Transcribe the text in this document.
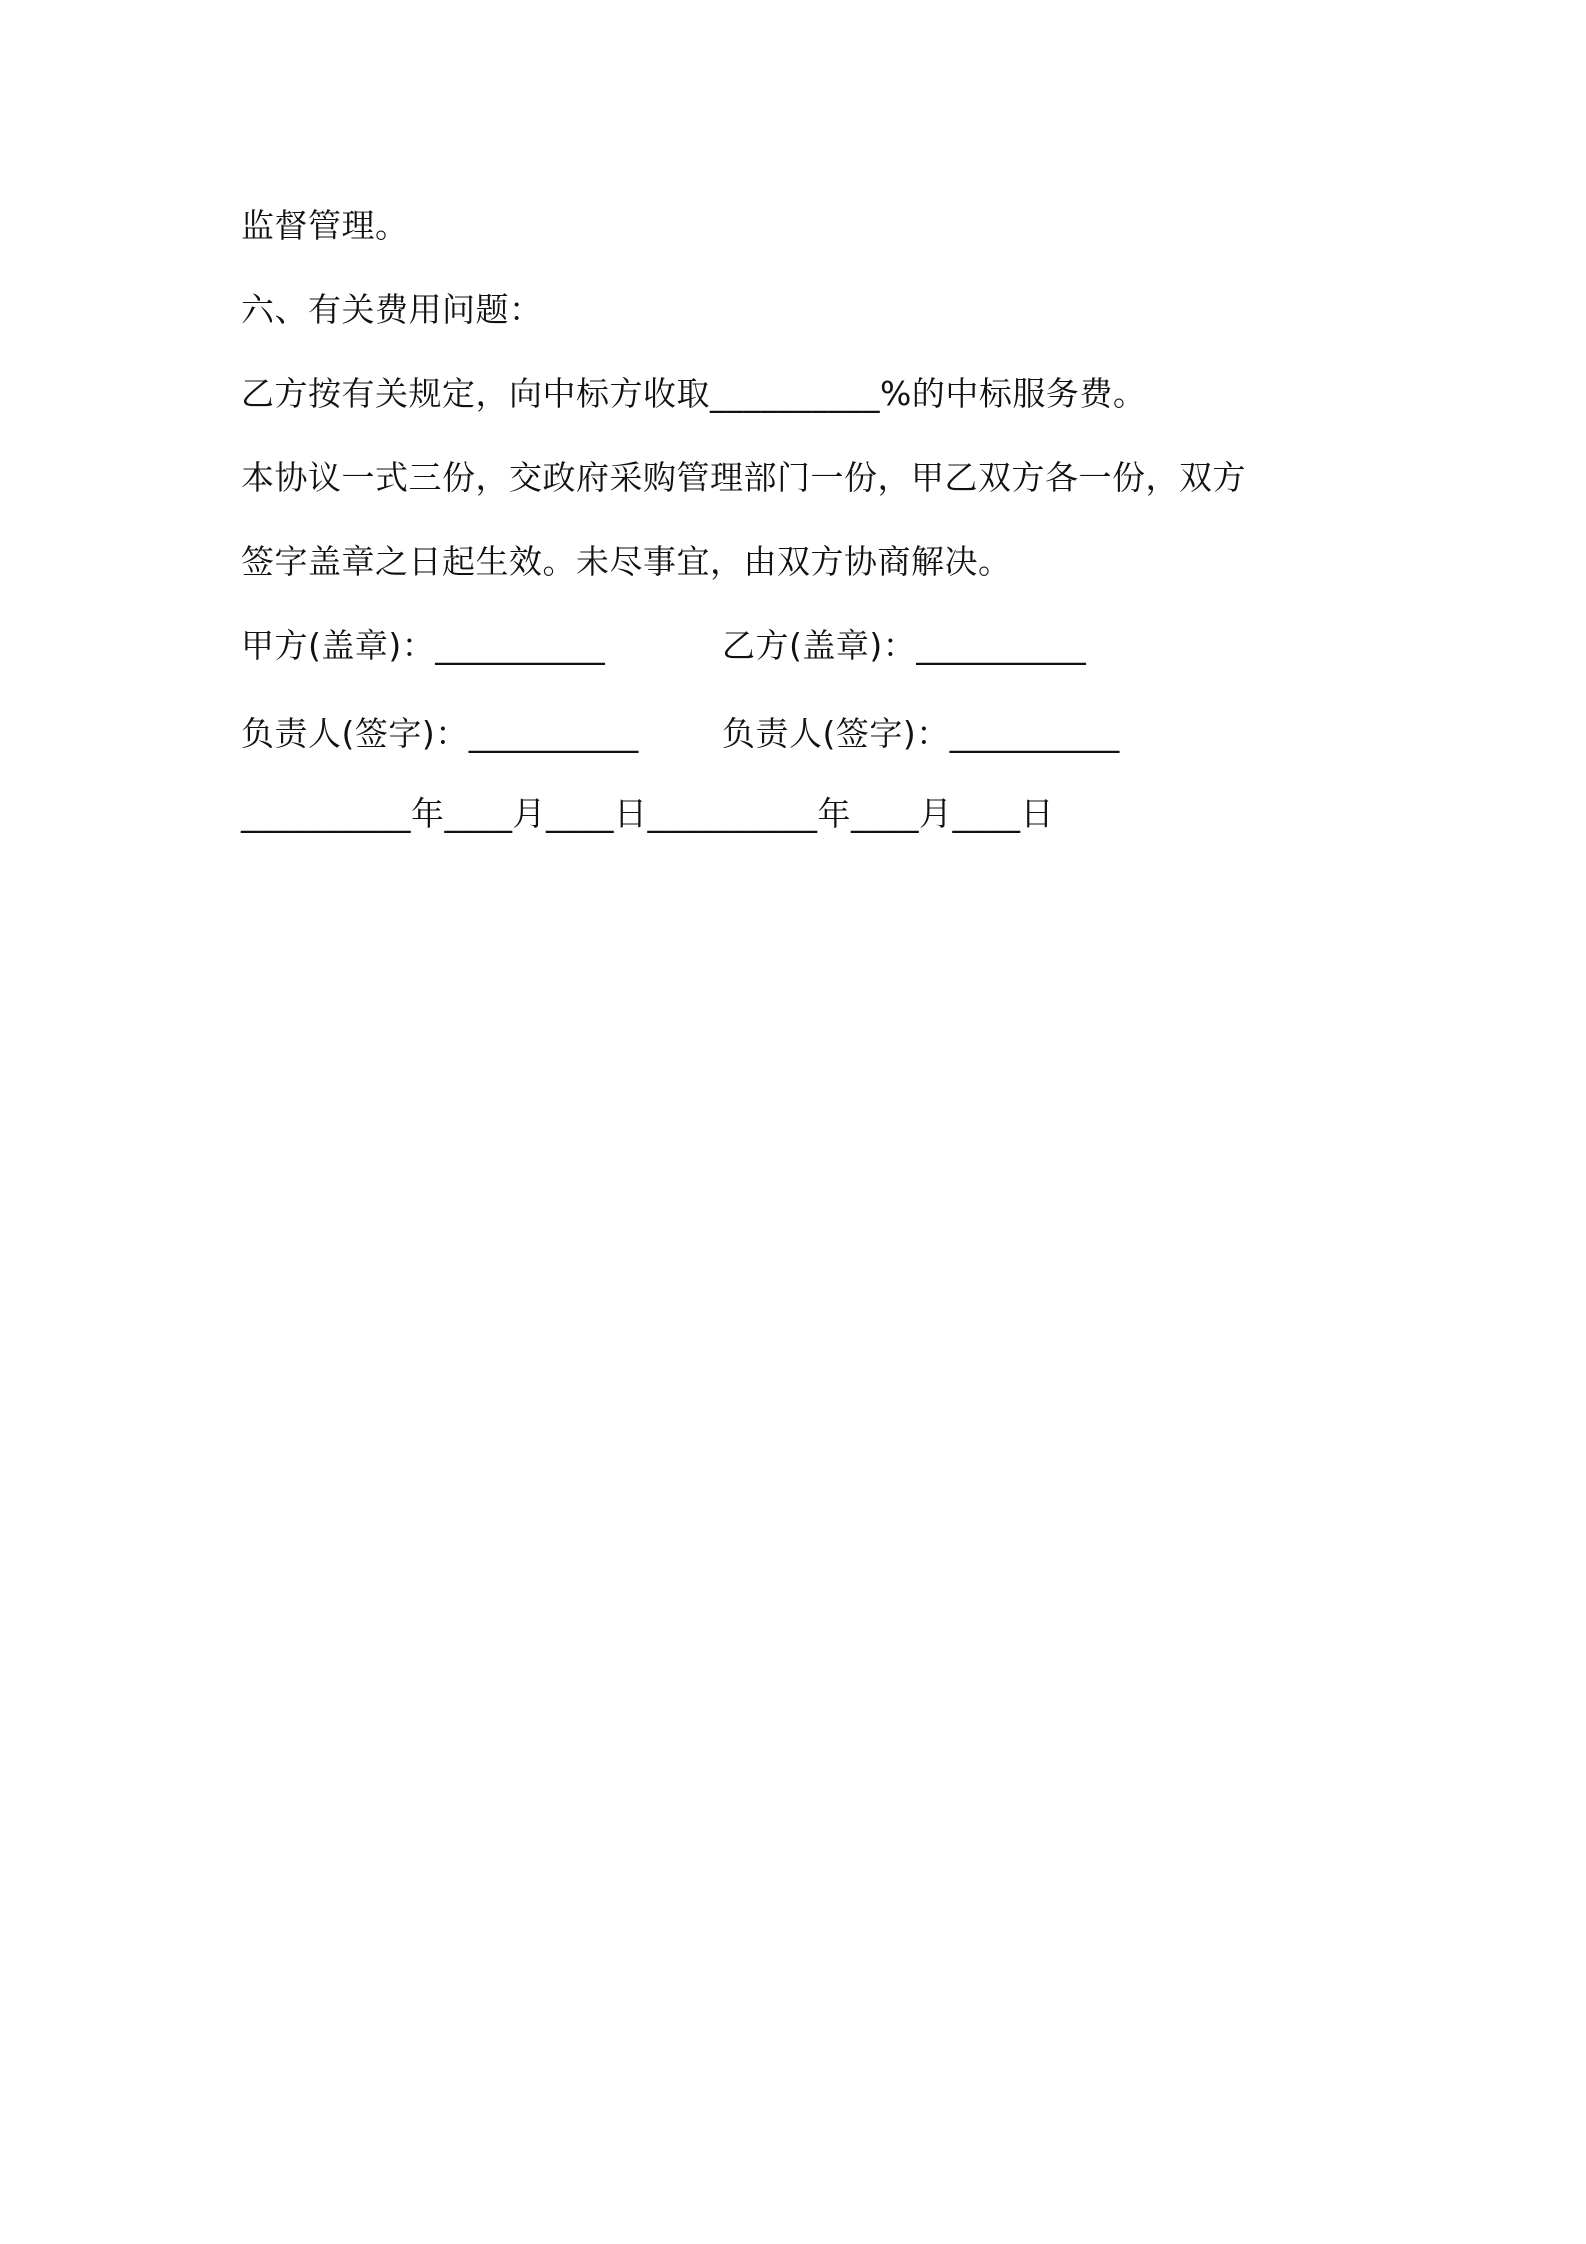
监督管理。
六、有关费用问题：
乙方按有关规定，向中标方收取__________%的中标服务费。
本协议一式三份，交政府采购管理部门一份，甲乙双方各一份，双方
签字盖章之日起生效。未尽事宜，由双方协商解决。
甲方(盖章)：__________	乙方(盖章)：__________
负责人(签字)：__________	负责人(签字)：__________
__________年____月____日__________年____月____日
